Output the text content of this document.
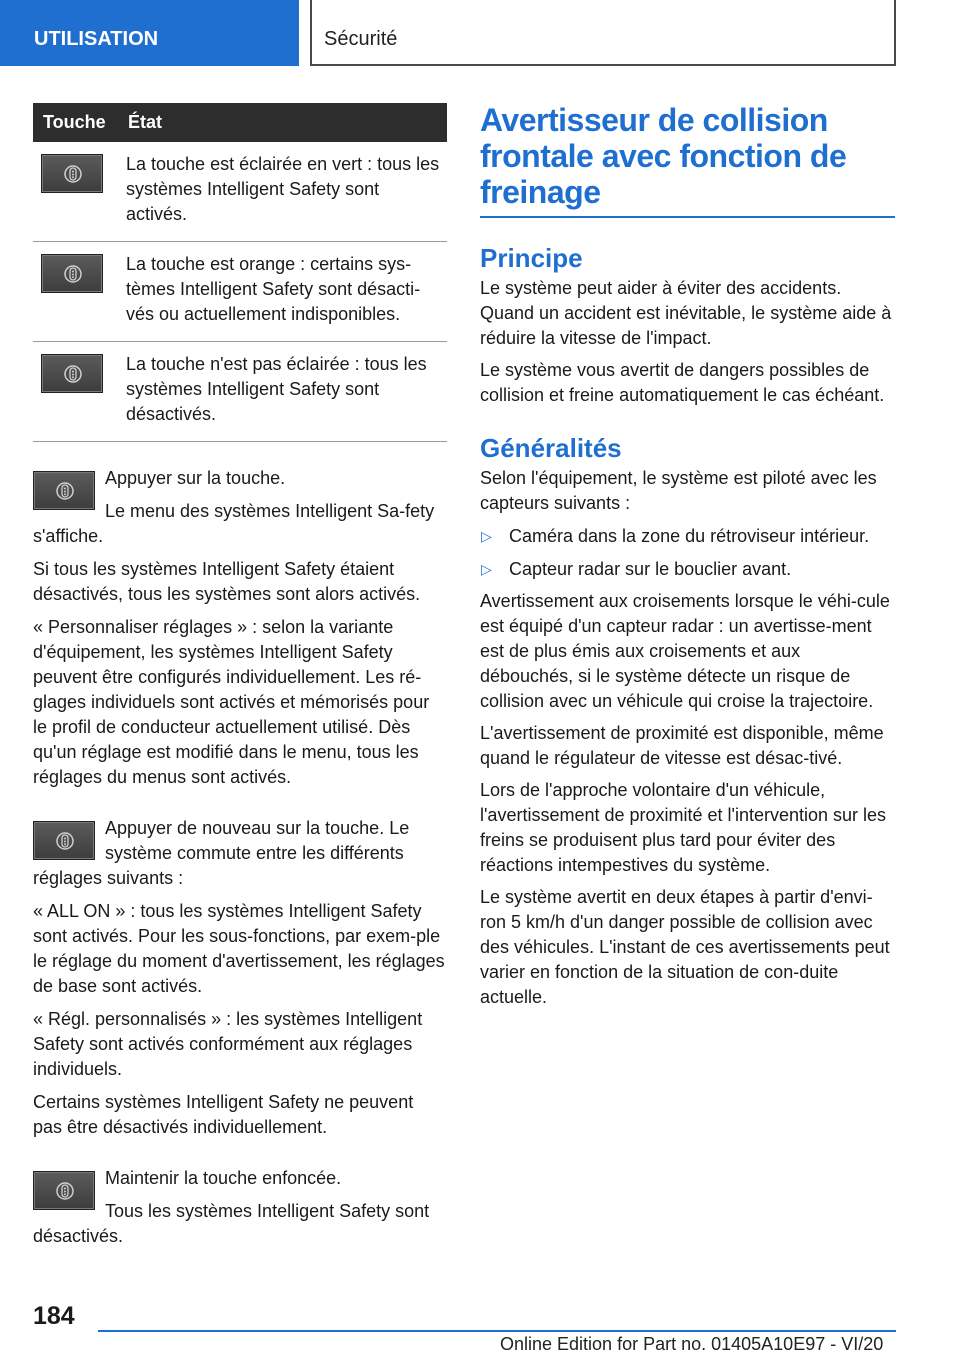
UTILISATION	Sécurité
Touche	État

	La touche est éclairée en vert : tous les systèmes Intelligent Safety sont activés.

	La touche est orange : certains sys‐tèmes Intelligent Safety sont désacti‐vés ou actuellement indisponibles.

	La touche n'est pas éclairée : tous les systèmes Intelligent Safety sont désactivés.

Appuyer sur la touche.

Le menu des systèmes Intelligent Sa‐fety s'affiche.

Si tous les systèmes Intelligent Safety étaient désactivés, tous les systèmes sont alors activés.

« Personnaliser réglages » : selon la variante d'équipement, les systèmes Intelligent Safety peuvent être configurés individuellement. Les ré‐glages individuels sont activés et mémorisés pour le profil de conducteur actuellement utilisé. Dès qu'un réglage est modifié dans le menu, tous les réglages du menus sont activés.

Appuyer de nouveau sur la touche. Le système commute entre les différents réglages suivants :

« ALL ON » : tous les systèmes Intelligent Safety sont activés. Pour les sous-fonctions, par exem‐ple le réglage du moment d'avertissement, les réglages de base sont activés.

« Régl. personnalisés » : les systèmes Intelligent Safety sont activés conformément aux réglages individuels.

Certains systèmes Intelligent Safety ne peuvent pas être désactivés individuellement.

Maintenir la touche enfoncée.

Tous les systèmes Intelligent Safety sont désactivés.

Avertisseur de collision frontale avec fonction de freinage
Principe

Le système peut aider à éviter des accidents. Quand un accident est inévitable, le système aide à réduire la vitesse de l'impact.

Le système vous avertit de dangers possibles de collision et freine automatiquement le cas échéant.

Généralités

Selon l'équipement, le système est piloté avec les capteurs suivants :

▷ Caméra dans la zone du rétroviseur intérieur.
▷ Capteur radar sur le bouclier avant.

Avertissement aux croisements lorsque le véhi‐cule est équipé d'un capteur radar : un avertisse‐ment est de plus émis aux croisements et aux débouchés, si le système détecte un risque de collision avec un véhicule qui croise la trajectoire.

L'avertissement de proximité est disponible, même quand le régulateur de vitesse est désac‐tivé.

Lors de l'approche volontaire d'un véhicule, l'avertissement de proximité et l'intervention sur les freins se produisent plus tard pour éviter des réactions intempestives du système.

Le système avertit en deux étapes à partir d'envi‐ron 5 km/h d'un danger possible de collision avec des véhicules. L'instant de ces avertissements peut varier en fonction de la situation de con‐duite actuelle.

184
Online Edition for Part no. 01405A10E97 - VI/20
